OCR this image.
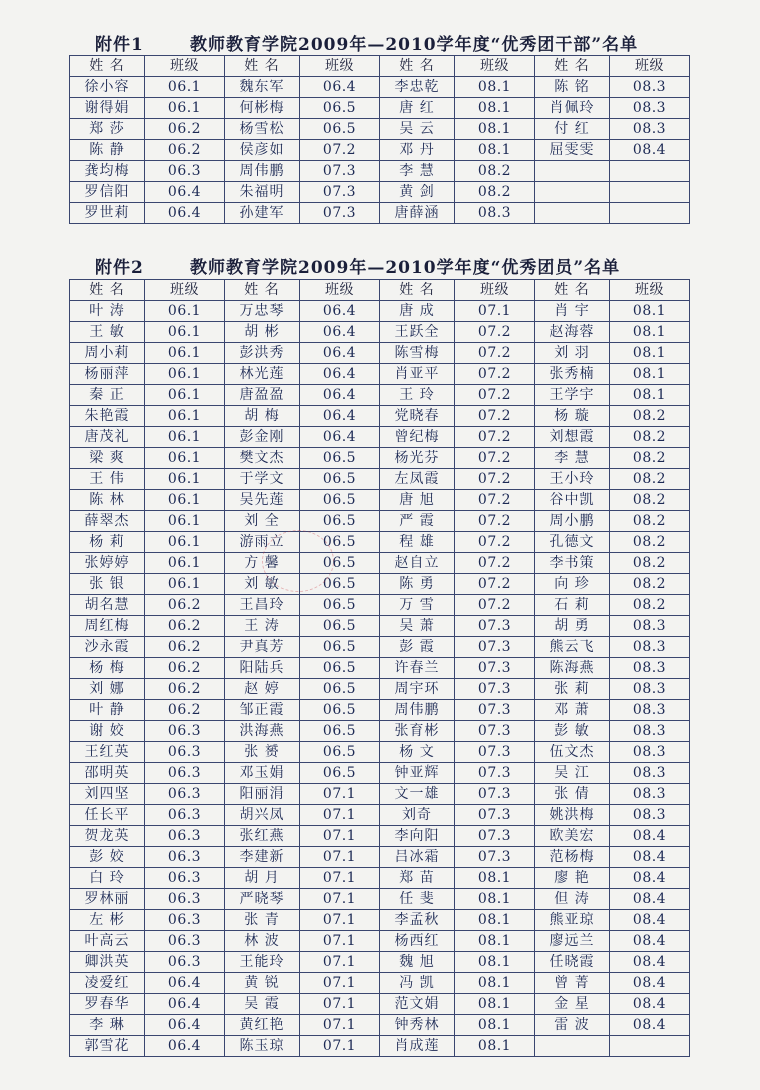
附件1	教师教育学院2009年—2010学年度“优秀团干部”名单
姓 名	班级	姓 名	班级	姓 名	班级	姓 名	班级
徐小容	06.1	魏东军	06.4	李忠乾	08.1	陈 铭	08.3
谢得娟	06.1	何彬梅	06.5	唐 红	08.1	肖佩玲	08.3
郑 莎	06.2	杨雪松	06.5	吴 云	08.1	付 红	08.3
陈 静	06.2	侯彦如	07.2	邓 丹	08.1	屈雯雯	08.4
龚均梅	06.3	周伟鹏	07.3	李 慧	08.2		
罗信阳	06.4	朱福明	07.3	黄 剑	08.2		
罗世莉	06.4	孙建军	07.3	唐薛涵	08.3		
附件2	教师教育学院2009年—2010学年度“优秀团员”名单
姓 名	班级	姓 名	班级	姓 名	班级	姓 名	班级
叶 涛	06.1	万忠琴	06.4	唐 成	07.1	肖 宇	08.1
王 敏	06.1	胡 彬	06.4	王跃全	07.2	赵海蓉	08.1
周小莉	06.1	彭洪秀	06.4	陈雪梅	07.2	刘 羽	08.1
杨丽萍	06.1	林光莲	06.4	肖亚平	07.2	张秀楠	08.1
秦 正	06.1	唐盈盈	06.4	王 玲	07.2	王学宇	08.1
朱艳霞	06.1	胡 梅	06.4	党晓春	07.2	杨 璇	08.2
唐茂礼	06.1	彭金刚	06.4	曾纪梅	07.2	刘想霞	08.2
梁 爽	06.1	樊文杰	06.5	杨光芬	07.2	李 慧	08.2
王 伟	06.1	于学文	06.5	左凤霞	07.2	王小玲	08.2
陈 林	06.1	吴先莲	06.5	唐 旭	07.2	谷中凯	08.2
薛翠杰	06.1	刘 全	06.5	严 霞	07.2	周小鹏	08.2
杨 莉	06.1	游雨立	06.5	程 雄	07.2	孔德文	08.2
张婷婷	06.1	方 馨	06.5	赵自立	07.2	李书策	08.2
张 银	06.1	刘 敏	06.5	陈 勇	07.2	向 珍	08.2
胡名慧	06.2	王昌玲	06.5	万 雪	07.2	石 莉	08.2
周红梅	06.2	王 涛	06.5	吴 萧	07.3	胡 勇	08.3
沙永霞	06.2	尹真芳	06.5	彭 霞	07.3	熊云飞	08.3
杨 梅	06.2	阳陆兵	06.5	许春兰	07.3	陈海燕	08.3
刘 娜	06.2	赵 婷	06.5	周宇环	07.3	张 莉	08.3
叶 静	06.2	邹正霞	06.5	周伟鹏	07.3	邓 萧	08.3
谢 姣	06.3	洪海燕	06.5	张育彬	07.3	彭 敏	08.3
王红英	06.3	张 赟	06.5	杨 文	07.3	伍文杰	08.3
邵明英	06.3	邓玉娟	06.5	钟亚辉	07.3	吴 江	08.3
刘四坚	06.3	阳丽涓	07.1	文一雄	07.3	张 倩	08.3
任长平	06.3	胡兴凤	07.1	刘奇	07.3	姚洪梅	08.3
贺龙英	06.3	张红燕	07.1	李向阳	07.3	欧美宏	08.4
彭 姣	06.3	李建新	07.1	吕冰霜	07.3	范杨梅	08.4
白 玲	06.3	胡 月	07.1	郑 苗	08.1	廖 艳	08.4
罗林丽	06.3	严晓琴	07.1	任 斐	08.1	但 涛	08.4
左 彬	06.3	张 青	07.1	李孟秋	08.1	熊亚琼	08.4
叶高云	06.3	林 波	07.1	杨西红	08.1	廖远兰	08.4
卿洪英	06.3	王能玲	07.1	魏 旭	08.1	任晓霞	08.4
凌爱红	06.4	黄 锐	07.1	冯 凯	08.1	曾 菁	08.4
罗春华	06.4	吴 霞	07.1	范文娟	08.1	金 星	08.4
李 琳	06.4	黄红艳	07.1	钟秀林	08.1	雷 波	08.4
郭雪花	06.4	陈玉琼	07.1	肖成莲	08.1		
